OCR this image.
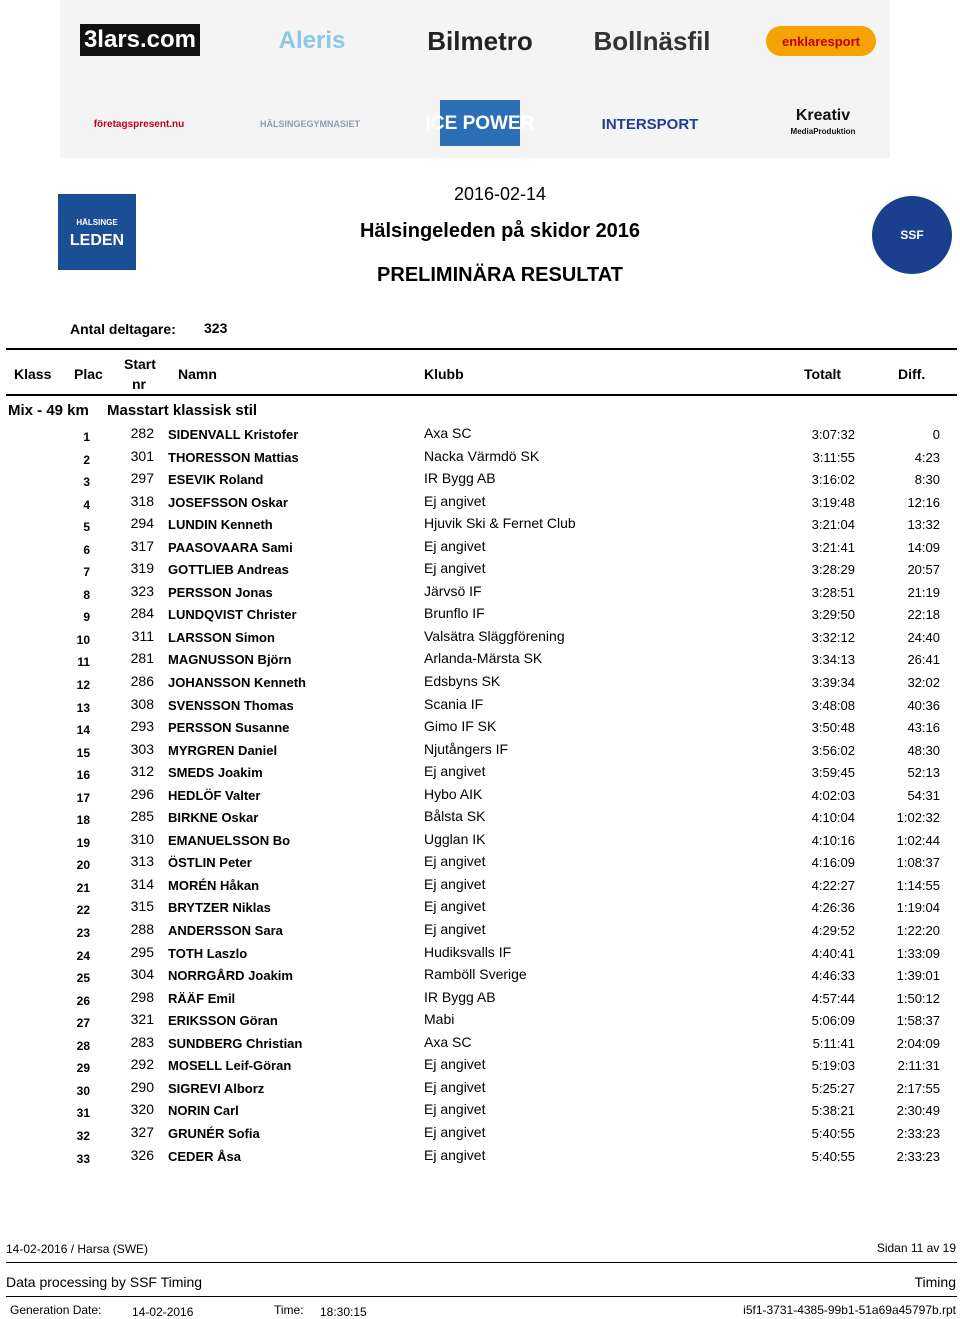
3lars.com	Aleris	Bilmetro Bollnäsfil	enklaresport
företagspresent.nu	HÄLSINGEGYMNASIET	ICE POWER	INTERSPORT	Kreativ
MediaProduktion
HÄLSINGE
LEDEN	SSF
2016-02-14
Hälsingeleden på skidor 2016
PRELIMINÄRA RESULTAT
Antal deltagare: 323
Klass Plac
Start
nr
Namn	Klubb	Totalt	Diff.
Mix - 49 km Masstart klassisk stil
1	282 SIDENVALL Kristofer	Axa SC	3:07:32	0
2	301 THORESSON Mattias	Nacka Värmdö SK	3:11:55	4:23
3	297 ESEVIK Roland	IR Bygg AB	3:16:02	8:30
4	318 JOSEFSSON Oskar	Ej angivet	3:19:48	12:16
5	294 LUNDIN Kenneth	Hjuvik Ski & Fernet Club	3:21:04	13:32
6	317 PAASOVAARA Sami	Ej angivet	3:21:41	14:09
7	319 GOTTLIEB Andreas	Ej angivet	3:28:29	20:57
8	323 PERSSON Jonas	Järvsö IF	3:28:51	21:19
9	284 LUNDQVIST Christer	Brunflo IF	3:29:50	22:18
10	311 LARSSON Simon	Valsätra Släggförening	3:32:12	24:40
11	281 MAGNUSSON Björn	Arlanda-Märsta SK	3:34:13	26:41
12	286 JOHANSSON Kenneth	Edsbyns SK	3:39:34	32:02
13	308 SVENSSON Thomas	Scania IF	3:48:08	40:36
14	293 PERSSON Susanne	Gimo IF SK	3:50:48	43:16
15	303 MYRGREN Daniel	Njutångers IF	3:56:02	48:30
16	312 SMEDS Joakim	Ej angivet	3:59:45	52:13
17	296 HEDLÖF Valter	Hybo AIK	4:02:03	54:31
18	285 BIRKNE Oskar	Bålsta SK	4:10:04	1:02:32
19	310 EMANUELSSON Bo	Ugglan IK	4:10:16	1:02:44
20	313 ÖSTLIN Peter	Ej angivet	4:16:09	1:08:37
21	314 MORÉN Håkan	Ej angivet	4:22:27	1:14:55
22	315 BRYTZER Niklas	Ej angivet	4:26:36	1:19:04
23	288 ANDERSSON Sara	Ej angivet	4:29:52	1:22:20
24	295 TOTH Laszlo	Hudiksvalls IF	4:40:41	1:33:09
25	304 NORRGÅRD Joakim	Ramböll Sverige	4:46:33	1:39:01
26	298 RÄÄF Emil	IR Bygg AB	4:57:44	1:50:12
27	321 ERIKSSON Göran	Mabi	5:06:09	1:58:37
28	283 SUNDBERG Christian	Axa SC	5:11:41	2:04:09
29	292 MOSELL Leif-Göran	Ej angivet	5:19:03	2:11:31
30	290 SIGREVI Alborz	Ej angivet	5:25:27	2:17:55
31	320 NORIN Carl	Ej angivet	5:38:21	2:30:49
32	327 GRUNÉR Sofia	Ej angivet	5:40:55	2:33:23
33	326 CEDER Åsa	Ej angivet	5:40:55	2:33:23
14-02-2016 / Harsa (SWE)	Sidan 11 av 19
Data processing by SSF Timing	Timing
Generation Date:	14-02-2016	Time: 18:30:15	i5f1-3731-4385-99b1-51a69a45797b.rpt
